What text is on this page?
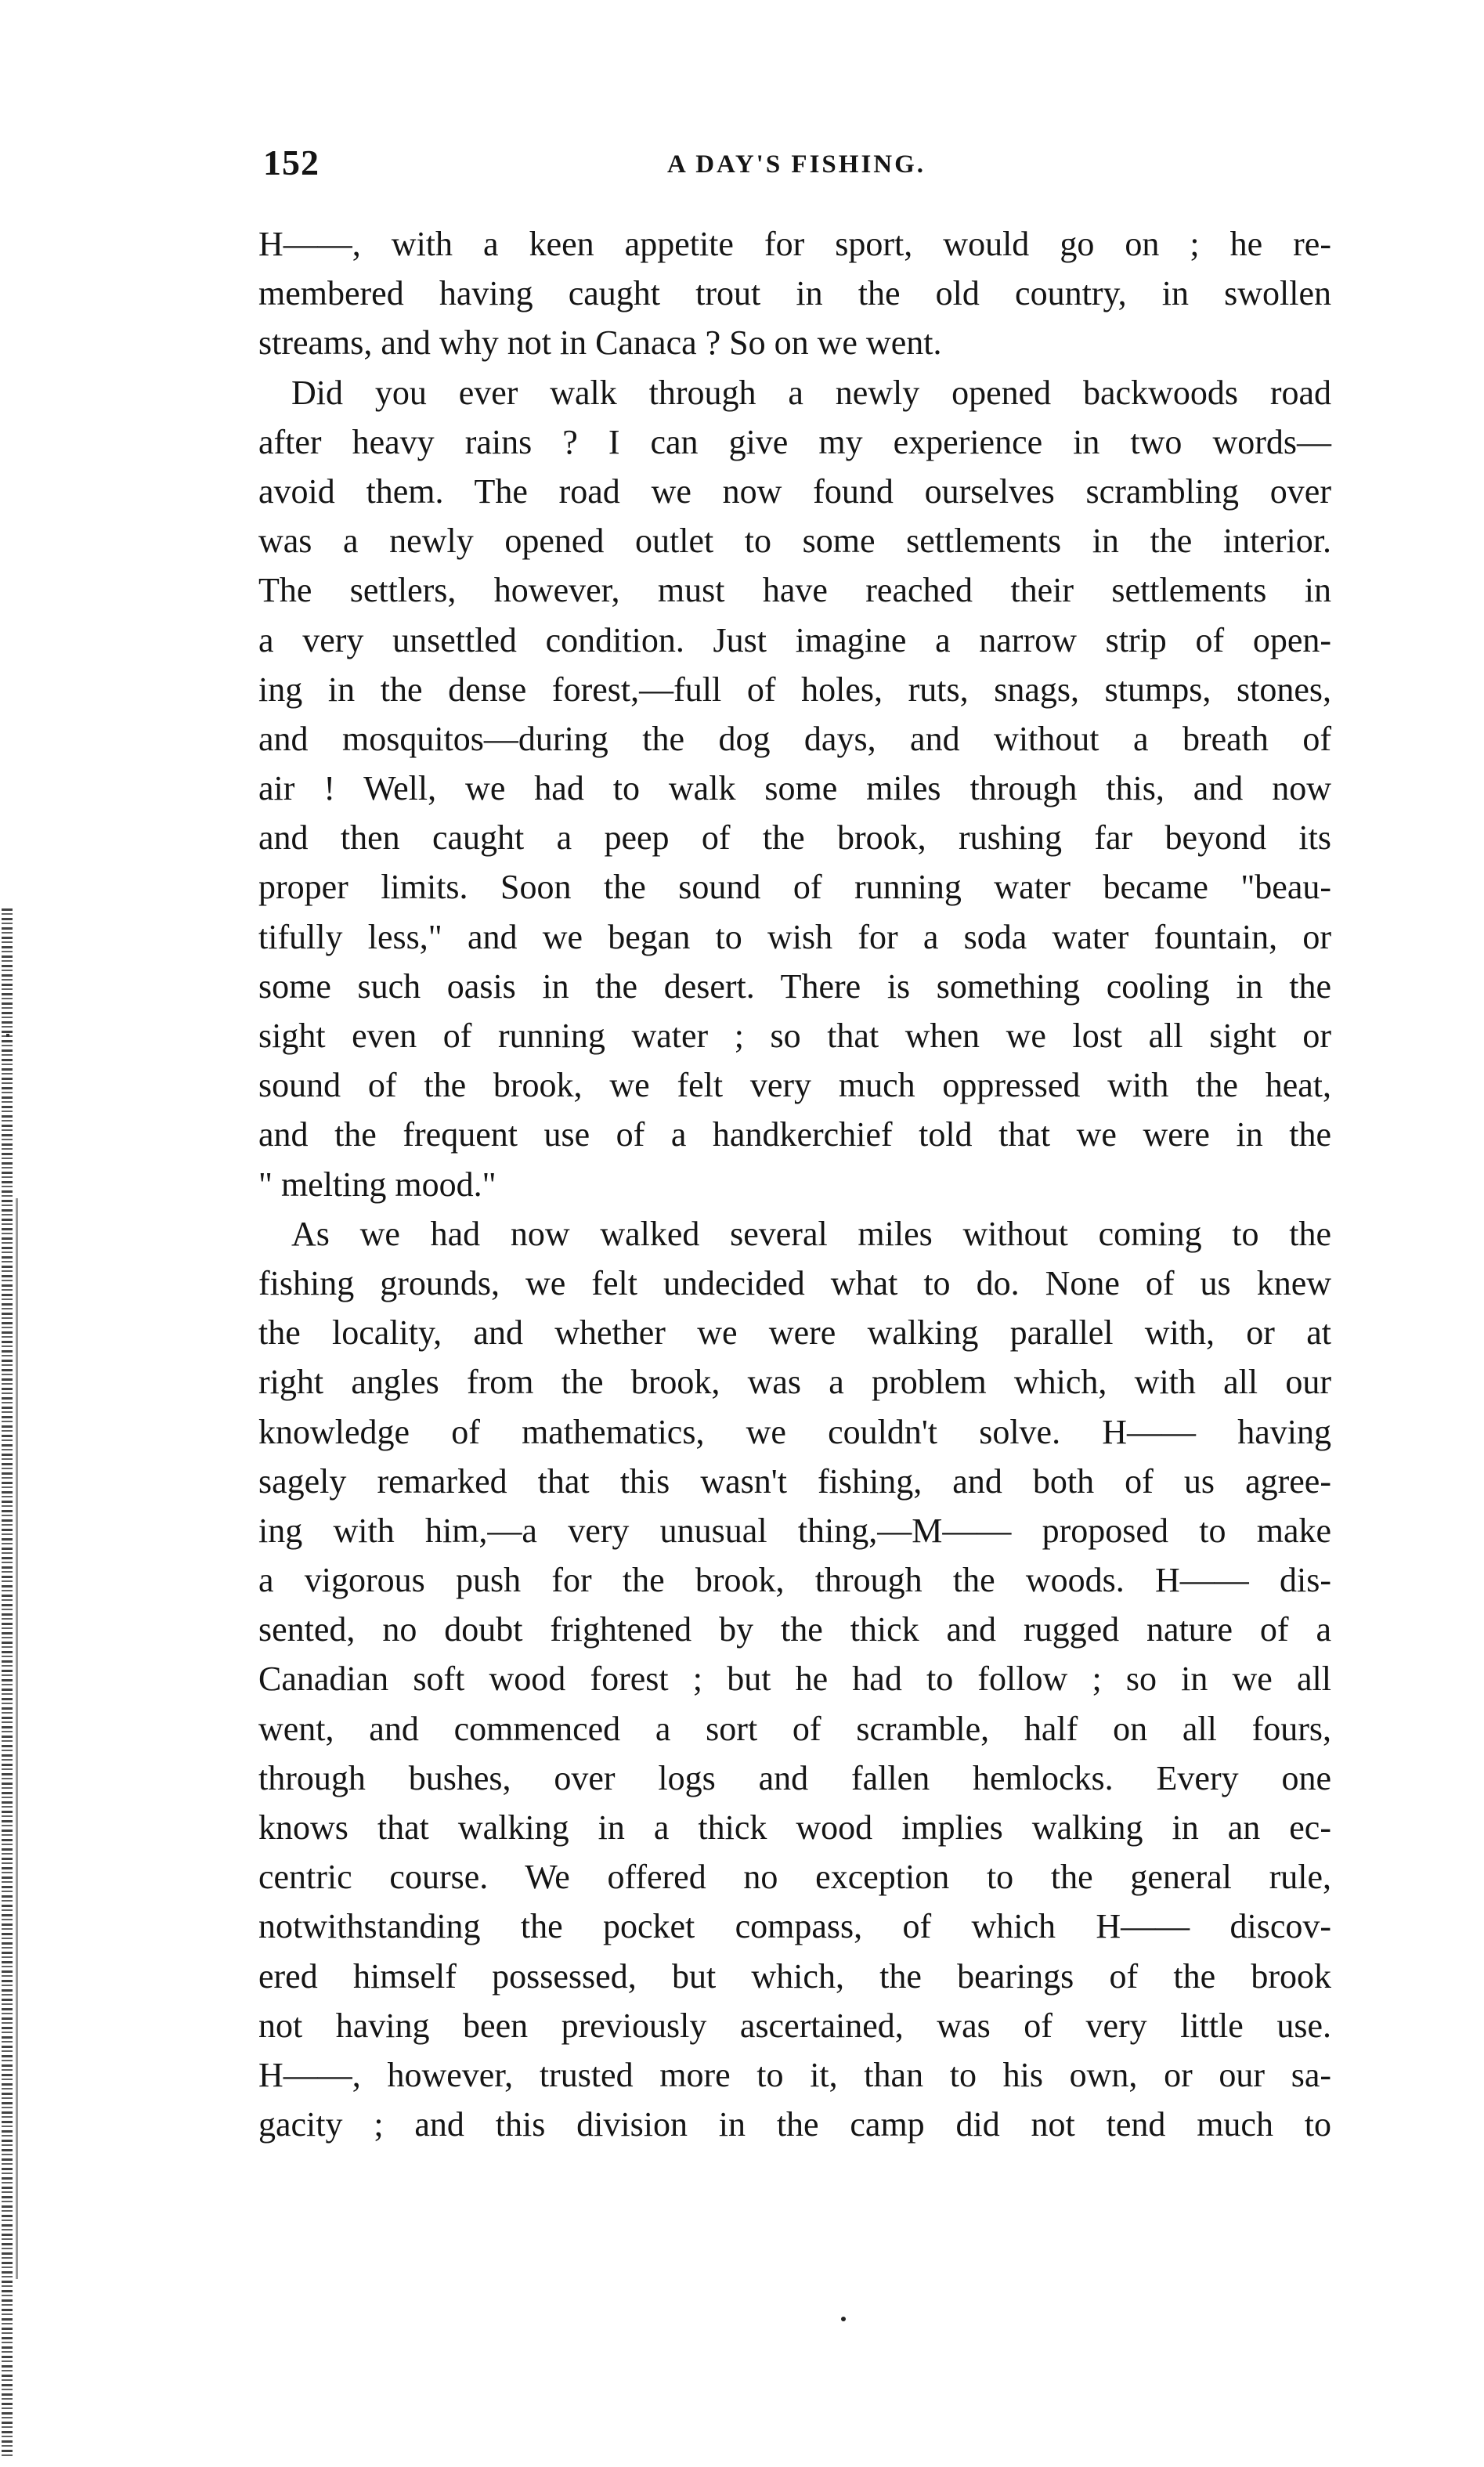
152	A DAY'S FISHING.
H——, with a keen appetite for sport, would go on ; he re-
membered having caught trout in the old country, in swollen
streams, and why not in Canaca ? So on we went.
Did you ever walk through a newly opened backwoods road
after heavy rains ? I can give my experience in two words—
avoid them. The road we now found ourselves scrambling over
was a newly opened outlet to some settlements in the interior.
The settlers, however, must have reached their settlements in
a very unsettled condition. Just imagine a narrow strip of open-
ing in the dense forest,—full of holes, ruts, snags, stumps, stones,
and mosquitos—during the dog days, and without a breath of
air ! Well, we had to walk some miles through this, and now
and then caught a peep of the brook, rushing far beyond its
proper limits. Soon the sound of running water became "beau-
tifully less," and we began to wish for a soda water fountain, or
some such oasis in the desert. There is something cooling in the
sight even of running water ; so that when we lost all sight or
sound of the brook, we felt very much oppressed with the heat,
and the frequent use of a handkerchief told that we were in the
" melting mood."
As we had now walked several miles without coming to the
fishing grounds, we felt undecided what to do. None of us knew
the locality, and whether we were walking parallel with, or at
right angles from the brook, was a problem which, with all our
knowledge of mathematics, we couldn't solve. H—— having
sagely remarked that this wasn't fishing, and both of us agree-
ing with him,—a very unusual thing,—M—— proposed to make
a vigorous push for the brook, through the woods. H—— dis-
sented, no doubt frightened by the thick and rugged nature of a
Canadian soft wood forest ; but he had to follow ; so in we all
went, and commenced a sort of scramble, half on all fours,
through bushes, over logs and fallen hemlocks. Every one
knows that walking in a thick wood implies walking in an ec-
centric course. We offered no exception to the general rule,
notwithstanding the pocket compass, of which H—— discov-
ered himself possessed, but which, the bearings of the brook
not having been previously ascertained, was of very little use.
H——, however, trusted more to it, than to his own, or our sa-
gacity ; and this division in the camp did not tend much to
